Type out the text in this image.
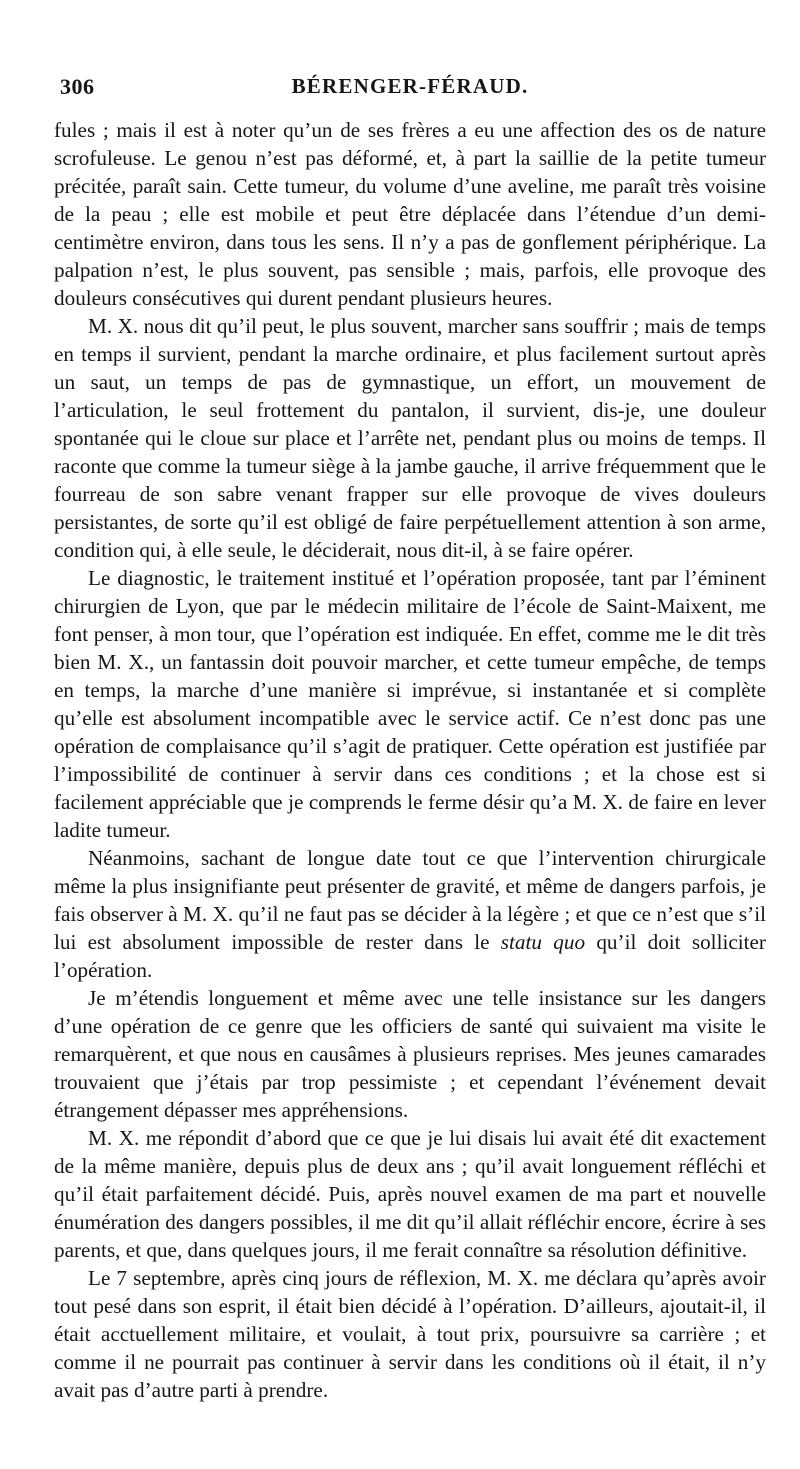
306	BÉRENGER-FÉRAUD.

fules ; mais il est à noter qu’un de ses frères a eu une affection des os de nature scrofuleuse. Le genou n’est pas déformé, et, à part la saillie de la petite tumeur précitée, paraît sain. Cette tumeur, du volume d’une aveline, me paraît très voisine de la peau ; elle est mobile et peut être déplacée dans l’étendue d’un demi-centimètre environ, dans tous les sens. Il n’y a pas de gonflement périphérique. La palpation n’est, le plus souvent, pas sensible ; mais, parfois, elle provoque des douleurs consécutives qui durent pendant plusieurs heures.

M. X. nous dit qu’il peut, le plus souvent, marcher sans souffrir ; mais de temps en temps il survient, pendant la marche ordinaire, et plus facilement surtout après un saut, un temps de pas de gymnastique, un effort, un mouvement de l’articulation, le seul frottement du pantalon, il survient, dis-je, une douleur spontanée qui le cloue sur place et l’arrête net, pendant plus ou moins de temps. Il raconte que comme la tumeur siège à la jambe gauche, il arrive fréquemment que le fourreau de son sabre venant frapper sur elle provoque de vives douleurs persistantes, de sorte qu’il est obligé de faire perpétuellement attention à son arme, condition qui, à elle seule, le déciderait, nous dit-il, à se faire opérer.

Le diagnostic, le traitement institué et l’opération proposée, tant par l’éminent chirurgien de Lyon, que par le médecin militaire de l’école de Saint-Maixent, me font penser, à mon tour, que l’opération est indiquée. En effet, comme me le dit très bien M. X., un fantassin doit pouvoir marcher, et cette tumeur empêche, de temps en temps, la marche d’une manière si imprévue, si instantanée et si complète qu’elle est absolument incompatible avec le service actif. Ce n’est donc pas une opération de complaisance qu’il s’agit de pratiquer. Cette opération est justifiée par l’impossibilité de continuer à servir dans ces conditions ; et la chose est si facilement appréciable que je comprends le ferme désir qu’a M. X. de faire en lever ladite tumeur.

Néanmoins, sachant de longue date tout ce que l’intervention chirurgicale même la plus insignifiante peut présenter de gravité, et même de dangers parfois, je fais observer à M. X. qu’il ne faut pas se décider à la légère ; et que ce n’est que s’il lui est absolument impossible de rester dans le statu quo qu’il doit solliciter l’opération.

Je m’étendis longuement et même avec une telle insistance sur les dangers d’une opération de ce genre que les officiers de santé qui suivaient ma visite le remarquèrent, et que nous en causâmes à plusieurs reprises. Mes jeunes camarades trouvaient que j’étais par trop pessimiste ; et cependant l’événement devait étrangement dépasser mes appréhensions.

M. X. me répondit d’abord que ce que je lui disais lui avait été dit exactement de la même manière, depuis plus de deux ans ; qu’il avait longuement réfléchi et qu’il était parfaitement décidé. Puis, après nouvel examen de ma part et nouvelle énumération des dangers possibles, il me dit qu’il allait réfléchir encore, écrire à ses parents, et que, dans quelques jours, il me ferait connaître sa résolution définitive.

Le 7 septembre, après cinq jours de réflexion, M. X. me déclara qu’après avoir tout pesé dans son esprit, il était bien décidé à l’opération. D’ailleurs, ajoutait-il, il était acctuellement militaire, et voulait, à tout prix, poursuivre sa carrière ; et comme il ne pourrait pas continuer à servir dans les conditions où il était, il n’y avait pas d’autre parti à prendre.
